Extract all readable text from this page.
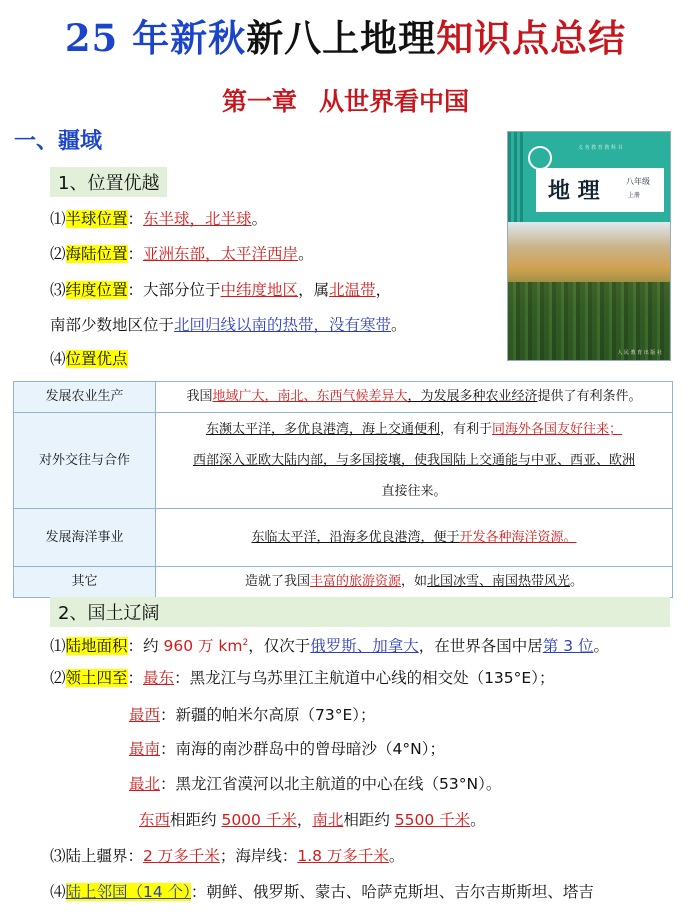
25 年新秋新八上地理知识点总结
第一章 从世界看中国
一、疆域
1、位置优越
⑴半球位置：东半球，北半球。
⑵海陆位置：亚洲东部，太平洋西岸。
⑶纬度位置：大部分位于中纬度地区，属北温带，
南部少数地区位于北回归线以南的热带，没有寒带。
⑷位置优点
义 务 教 育 教 科 书
地 理	八年级
上册
人 民 教 育 出 版 社
发展农业生产	我国地域广大，南北、东西气候差异大，为发展多种农业经济提供了有利条件。
对外交往与合作	东濒太平洋，多优良港湾，海上交通便利，有利于同海外各国友好往来；
西部深入亚欧大陆内部，与多国接壤，使我国陆上交通能与中亚、西亚、欧洲
直接往来。
发展海洋事业	东临太平洋，沿海多优良港湾，便于开发各种海洋资源。
其它	造就了我国丰富的旅游资源，如北国冰雪、南国热带风光。
2、国土辽阔
⑴陆地面积：约 960 万 $km^2$，仅次于俄罗斯、加拿大，在世界各国中居第 3 位。
⑵领土四至：最东：黑龙江与乌苏里江主航道中心线的相交处（135°E）；
最西：新疆的帕米尔高原（73°E）；
最南：南海的南沙群岛中的曾母暗沙（4°N）；
最北：黑龙江省漠河以北主航道的中心在线（53°N）。
东西相距约 5000 千米，南北相距约 5500 千米。
⑶陆上疆界：2 万多千米；海岸线：1.8 万多千米。
⑷陆上邻国（14 个）：朝鲜、俄罗斯、蒙古、哈萨克斯坦、吉尔吉斯斯坦、塔吉
